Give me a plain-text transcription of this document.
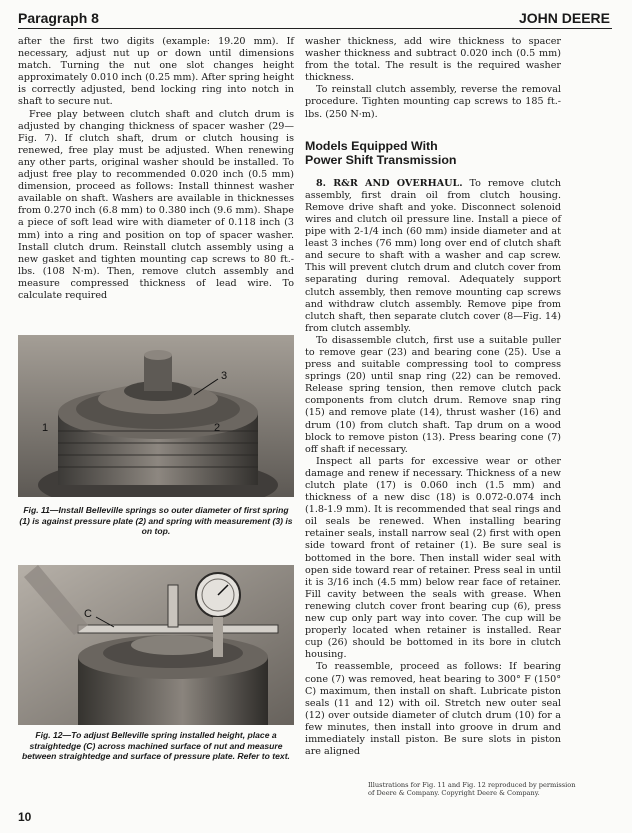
Paragraph 8	JOHN DEERE

after the first two digits (example: 19.20 mm). If necessary, adjust nut up or down until dimensions match. Turning the nut one slot changes height approximately 0.010 inch (0.25 mm). After spring height is correctly adjusted, bend locking ring into notch in shaft to secure nut.

Free play between clutch shaft and clutch drum is adjusted by changing thickness of spacer washer (29—Fig. 7). If clutch shaft, drum or clutch housing is renewed, free play must be adjusted. When renewing any other parts, original washer should be installed. To adjust free play to recommended 0.020 inch (0.5 mm) dimension, proceed as follows: Install thinnest washer available on shaft. Washers are available in thicknesses from 0.270 inch (6.8 mm) to 0.380 inch (9.6 mm). Shape a piece of soft lead wire with diameter of 0.118 inch (3 mm) into a ring and position on top of spacer washer. Install clutch drum. Reinstall clutch assembly using a new gasket and tighten mounting cap screws to 80 ft.-lbs. (108 N·m). Then, remove clutch assembly and measure compressed thickness of lead wire. To calculate required

1	2
3
Fig. 11—Install Belleville springs so outer diameter of first spring (1) is against pressure plate (2) and spring with measurement (3) is on top.
C
Fig. 12—To adjust Belleville spring installed height, place a straightedge (C) across machined surface of nut and measure between straightedge and surface of pressure plate. Refer to text.

washer thickness, add wire thickness to spacer washer thickness and subtract 0.020 inch (0.5 mm) from the total. The result is the required washer thickness.

To reinstall clutch assembly, reverse the removal procedure. Tighten mounting cap screws to 185 ft.-lbs. (250 N·m).

Models Equipped With
Power Shift Transmission

8. R&R AND OVERHAUL. To remove clutch assembly, first drain oil from clutch housing. Remove drive shaft and yoke. Disconnect solenoid wires and clutch oil pressure line. Install a piece of pipe with 2-1/4 inch (60 mm) inside diameter and at least 3 inches (76 mm) long over end of clutch shaft and secure to shaft with a washer and cap screw. This will prevent clutch drum and clutch cover from separating during removal. Adequately support clutch assembly, then remove mounting cap screws and withdraw clutch assembly. Remove pipe from clutch shaft, then separate clutch cover (8—Fig. 14) from clutch assembly.

To disassemble clutch, first use a suitable puller to remove gear (23) and bearing cone (25). Use a press and suitable compressing tool to compress springs (20) until snap ring (22) can be removed. Release spring tension, then remove clutch pack components from clutch drum. Remove snap ring (15) and remove plate (14), thrust washer (16) and drum (10) from clutch shaft. Tap drum on a wood block to remove piston (13). Press bearing cone (7) off shaft if necessary.

Inspect all parts for excessive wear or other damage and renew if necessary. Thickness of a new clutch plate (17) is 0.060 inch (1.5 mm) and thickness of a new disc (18) is 0.072-0.074 inch (1.8-1.9 mm). It is recommended that seal rings and oil seals be renewed. When installing bearing retainer seals, install narrow seal (2) first with open side toward front of retainer (1). Be sure seal is bottomed in the bore. Then install wider seal with open side toward rear of retainer. Press seal in until it is 3/16 inch (4.5 mm) below rear face of retainer. Fill cavity between the seals with grease. When renewing clutch cover front bearing cup (6), press new cup only part way into cover. The cup will be properly located when retainer is installed. Rear cup (26) should be bottomed in its bore in clutch housing.

To reassemble, proceed as follows: If bearing cone (7) was removed, heat bearing to 300° F (150° C) maximum, then install on shaft. Lubricate piston seals (11 and 12) with oil. Stretch new outer seal (12) over outside diameter of clutch drum (10) for a few minutes, then install into groove in drum and immediately install piston. Be sure slots in piston are aligned

Illustrations for Fig. 11 and Fig. 12 reproduced by permission of Deere & Company. Copyright Deere & Company.
10
